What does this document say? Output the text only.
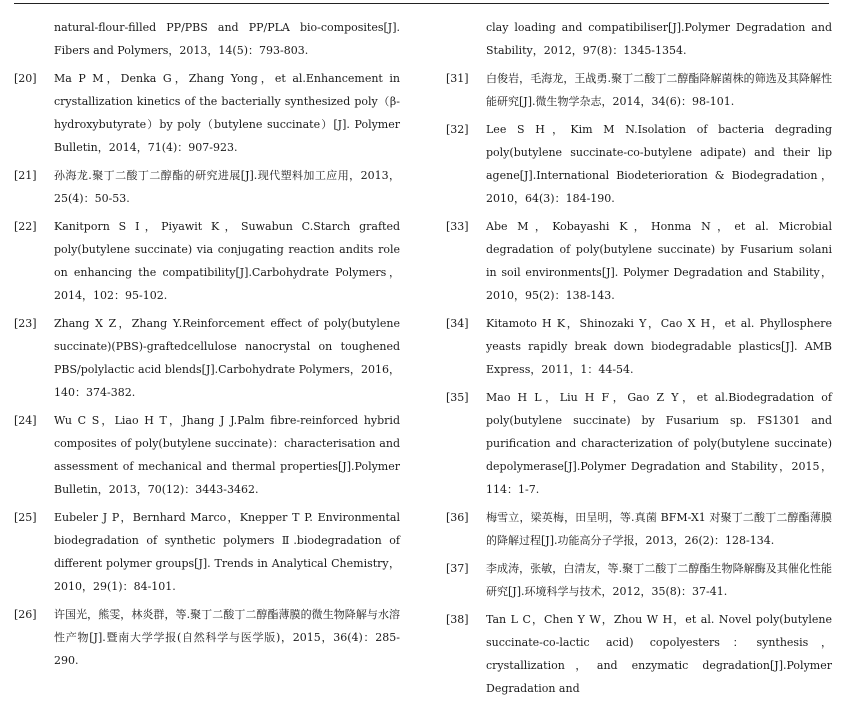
natural-flour-filled PP/PBS and PP/PLA bio-composites[J]. Fibers and Polymers，2013，14(5)：793-803.
[20] Ma P M，Denka G，Zhang Yong，et al.Enhancement in crystallization kinetics of the bacterially synthesized poly（β-hydroxybutyrate）by poly（butylene succinate）[J]. Polymer Bulletin，2014，71(4)：907-923.
[21] 孙海龙.聚丁二酸丁二醇酯的研究进展[J].现代塑料加工应用，2013，25(4)：50-53.
[22] Kanitporn S I，Piyawit K，Suwabun C.Starch grafted poly(butylene succinate) via conjugating reaction andits role on enhancing the compatibility[J].Carbohydrate Polymers，2014，102：95-102.
[23] Zhang X Z，Zhang Y.Reinforcement effect of poly(butylene succinate)(PBS)-graftedcellulose nanocrystal on toughened PBS/polylactic acid blends[J].Carbohydrate Polymers，2016，140：374-382.
[24] Wu C S，Liao H T，Jhang J J.Palm fibre-reinforced hybrid composites of poly(butylene succinate)：characterisation and assessment of mechanical and thermal properties[J].Polymer Bulletin，2013，70(12)：3443-3462.
[25] Eubeler J P，Bernhard Marco，Knepper T P. Environmental biodegradation of synthetic polymers Ⅱ.biodegradation of different polymer groups[J]. Trends in Analytical Chemistry，2010，29(1)：84-101.
[26] 许国光，熊雯，林炎群，等.聚丁二酸丁二醇酯薄膜的微生物降解与水溶性产物[J].暨南大学学报(自然科学与医学版)，2015，36(4)：285-290.
clay loading and compatibiliser[J].Polymer Degradation and Stability，2012，97(8)：1345-1354.
[31] 白俊岩，毛海龙，王战勇.聚丁二酸丁二醇酯降解菌株的筛选及其降解性能研究[J].微生物学杂志，2014，34(6)：98-101.
[32] Lee S H，Kim M N.Isolation of bacteria degrading poly(butylene succinate-co-butylene adipate) and their lip agene[J].International Biodeterioration & Biodegradation，2010，64(3)：184-190.
[33] Abe M，Kobayashi K，Honma N，et al. Microbial degradation of poly(butylene succinate) by Fusarium solani in soil environments[J]. Polymer Degradation and Stability，2010，95(2)：138-143.
[34] Kitamoto H K，Shinozaki Y，Cao X H，et al. Phyllosphere yeasts rapidly break down biodegradable plastics[J]. AMB Express，2011，1：44-54.
[35] Mao H L，Liu H F，Gao Z Y，et al.Biodegradation of poly(butylene succinate) by Fusarium sp. FS1301 and purification and characterization of poly(butylene succinate) depolymerase[J].Polymer Degradation and Stability，2015，114：1-7.
[36] 梅雪立，梁英梅，田呈明，等.真菌 BFM-X1 对聚丁二酸丁二醇酯薄膜的降解过程[J].功能高分子学报，2013，26(2)：128-134.
[37] 李成涛，张敏，白清友，等.聚丁二酸丁二醇酯生物降解酶及其催化性能研究[J].环境科学与技术，2012，35(8)：37-41.
[38] Tan L C，Chen Y W，Zhou W H，et al. Novel poly(butylene succinate-co-lactic acid) copolyesters：synthesis，crystallization，and enzymatic degradation[J].Polymer Degradation and
